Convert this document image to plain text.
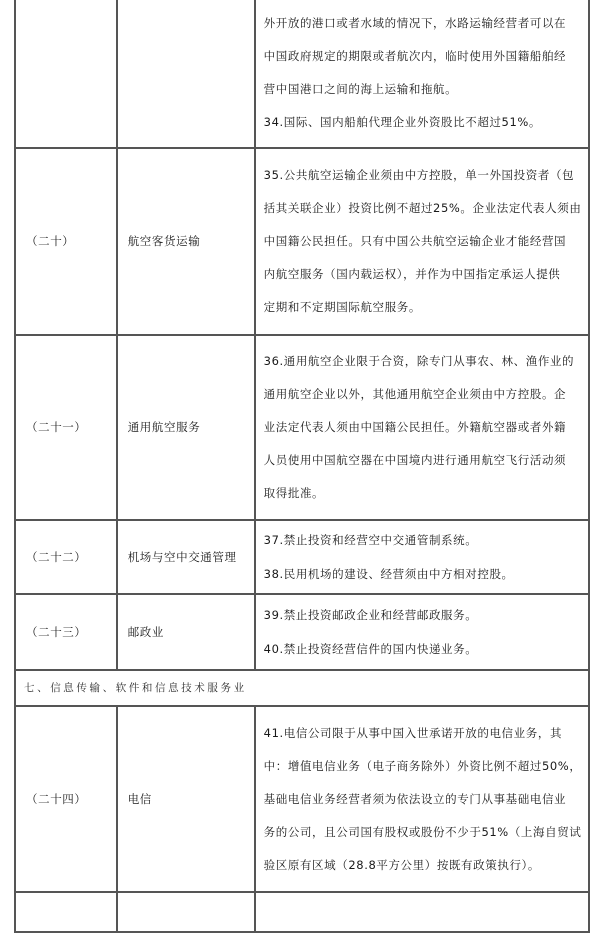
		外开放的港口或者水域的情况下，水路运输经营者可以在

中国政府规定的期限或者航次内，临时使用外国籍船舶经

营中国港口之间的海上运输和拖航。

34.国际、国内船舶代理企业外资股比不超过51%。

（二十）	航空客货运输	35.公共航空运输企业须由中方控股，单一外国投资者（包

括其关联企业）投资比例不超过25%。企业法定代表人须由

中国籍公民担任。只有中国公共航空运输企业才能经营国

内航空服务（国内载运权），并作为中国指定承运人提供

定期和不定期国际航空服务。

（二十一）	通用航空服务	36.通用航空企业限于合资，除专门从事农、林、渔作业的

通用航空企业以外，其他通用航空企业须由中方控股。企

业法定代表人须由中国籍公民担任。外籍航空器或者外籍

人员使用中国航空器在中国境内进行通用航空飞行活动须

取得批准。

（二十二）	机场与空中交通管理	37.禁止投资和经营空中交通管制系统。

38.民用机场的建设、经营须由中方相对控股。

（二十三）	邮政业	39.禁止投资邮政企业和经营邮政服务。

40.禁止投资经营信件的国内快递业务。

七、信息传输、软件和信息技术服务业		
（二十四）	电信	41.电信公司限于从事中国入世承诺开放的电信业务，其

中：增值电信业务（电子商务除外）外资比例不超过50%，

基础电信业务经营者须为依法设立的专门从事基础电信业

务的公司，且公司国有股权或股份不少于51%（上海自贸试

验区原有区域（28.8平方公里）按既有政策执行）。
